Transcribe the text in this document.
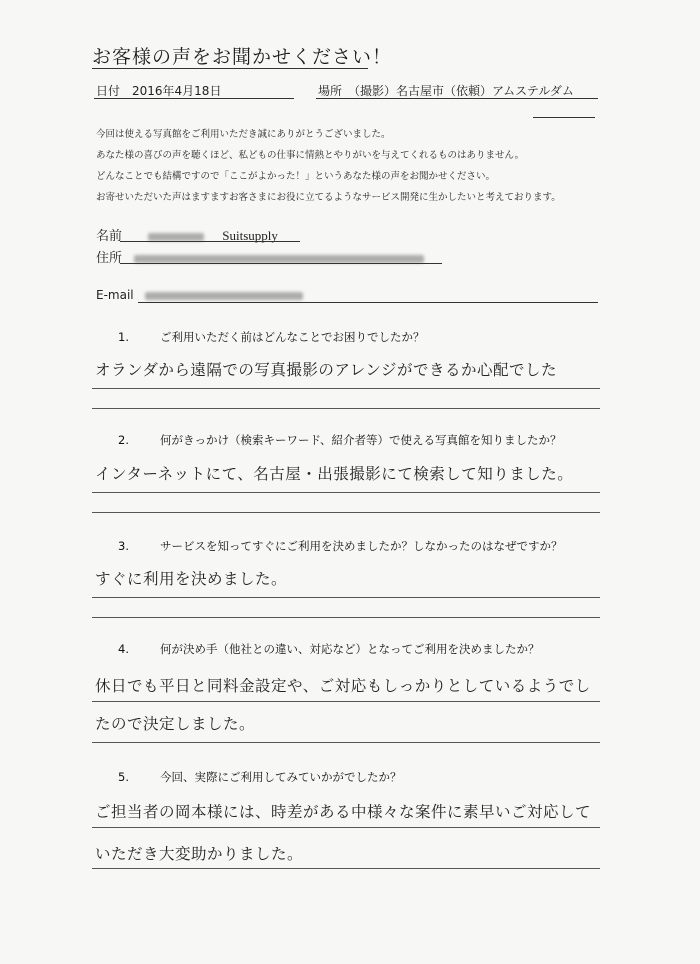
お客様の声をお聞かせください！
日付　2016年4月18日	場所　（撮影）名古屋市（依頼）アムステルダム
今回は使える写真館をご利用いただき誠にありがとうございました。
あなた様の喜びの声を聴くほど、私どもの仕事に情熱とやりがいを与えてくれるものはありません。
どんなことでも結構ですので「ここがよかった！」というあなた様の声をお聞かせください。
お寄せいただいた声はますますお客さまにお役に立てるようなサービス開発に生かしたいと考えております。
名前	Suitsupply
住所
E-mail
1.	ご利用いただく前はどんなことでお困りでしたか？
オランダから遠隔での写真撮影のアレンジができるか心配でした
2.	何がきっかけ（検索キーワード、紹介者等）で使える写真館を知りましたか？
インターネットにて、名古屋・出張撮影にて検索して知りました。
3.	サービスを知ってすぐにご利用を決めましたか？しなかったのはなぜですか？
すぐに利用を決めました。
4.	何が決め手（他社との違い、対応など）となってご利用を決めましたか？
休日でも平日と同料金設定や、ご対応もしっかりとしているようでし
たので決定しました。
5.	今回、実際にご利用してみていかがでしたか？
ご担当者の岡本様には、時差がある中様々な案件に素早いご対応して
いただき大変助かりました。
